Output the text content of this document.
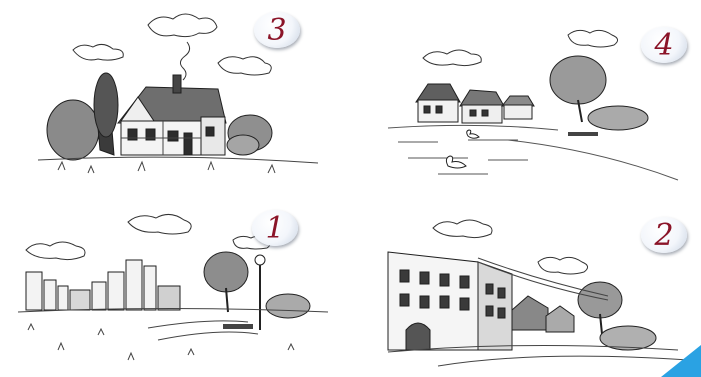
3	4
1	2
